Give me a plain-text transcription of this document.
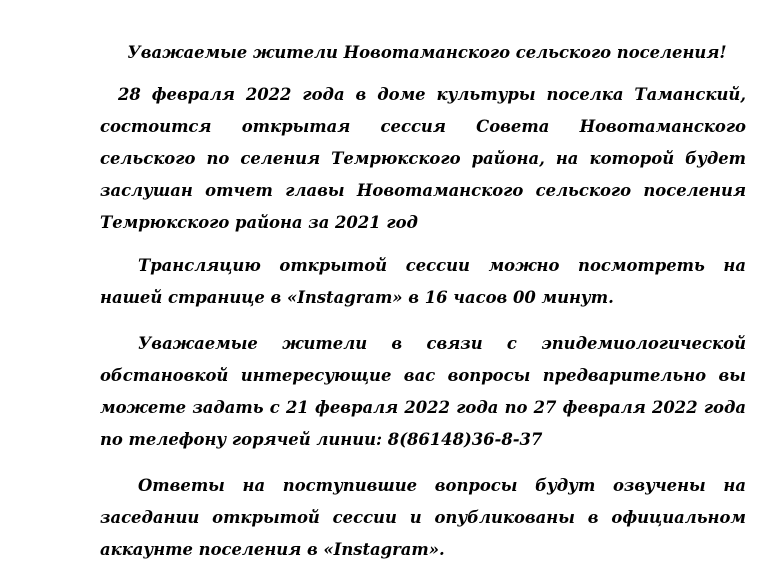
Уважаемые жители Новотаманского сельского поселения!

28 февраля 2022 года в доме культуры поселка Таманский, состоится открытая сессия Совета Новотаманского сельского по селения Темрюкского района, на которой будет заслушан отчет главы Новотаманского сельского поселения Темрюкского района за 2021 год

Трансляцию открытой сессии можно посмотреть на нашей странице в «Instagram» в 16 часов 00 минут.

Уважаемые жители в связи с эпидемиологической обстановкой интересующие вас вопросы предварительно вы можете задать с 21 февраля 2022 года по 27 февраля 2022 года по телефону горячей линии: 8(86148)36-8-37

Ответы на поступившие вопросы будут озвучены на заседании открытой сессии и опубликованы в официальном аккаунте поселения в «Instagram».
